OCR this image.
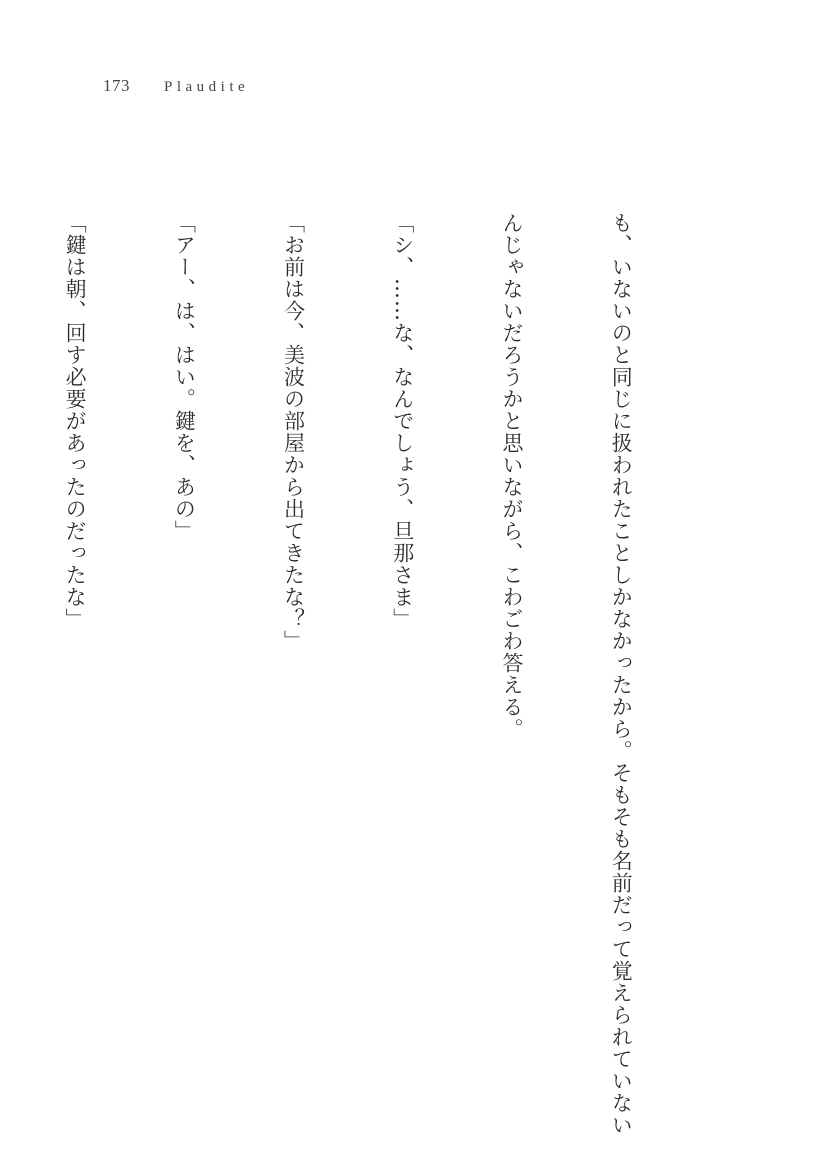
173 Plaudite

も、いないのと同じに扱われたことしかなかったから。そもそも名前だって覚えられていない

んじゃないだろうかと思いながら、こわごわ答える。

「シ、……な、なんでしょう、旦那さま」

「お前は今、美波の部屋から出てきたな？」

「アー、は、はい。鍵を、あの」

「鍵は朝、回す必要があったのだったな」
